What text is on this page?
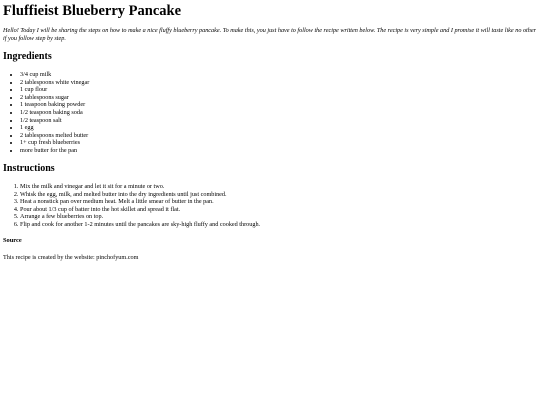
Fluffieist Blueberry Pancake

Hello! Today I will be sharing the steps on how to make a nice fluffy blueberry pancake. To make this, you just have to follow the recipe written below. The recipe is very simple and I promise it will taste like no other if you follow step by step.

Ingredients
• 3/4 cup milk
• 2 tablespoons white vinegar
• 1 cup flour
• 2 tablespoons sugar
• 1 teaspoon baking powder
• 1/2 teaspoon baking soda
• 1/2 teaspoon salt
• 1 egg
• 2 tablespoons melted butter
• 1+ cup fresh blueberries
• more butter for the pan
Instructions
1. Mix the milk and vinegar and let it sit for a minute or two.
2. Whisk the egg, milk, and melted butter into the dry ingredients until just combined.
3. Heat a nonstick pan over medium heat. Melt a little smear of butter in the pan.
4. Pour about 1/3 cup of batter into the hot skillet and spread it flat.
5. Arrange a few blueberries on top.
6. Flip and cook for another 1-2 minutes until the pancakes are sky-high fluffy and cooked through.
Source

This recipe is created by the website: pinchofyum.com
